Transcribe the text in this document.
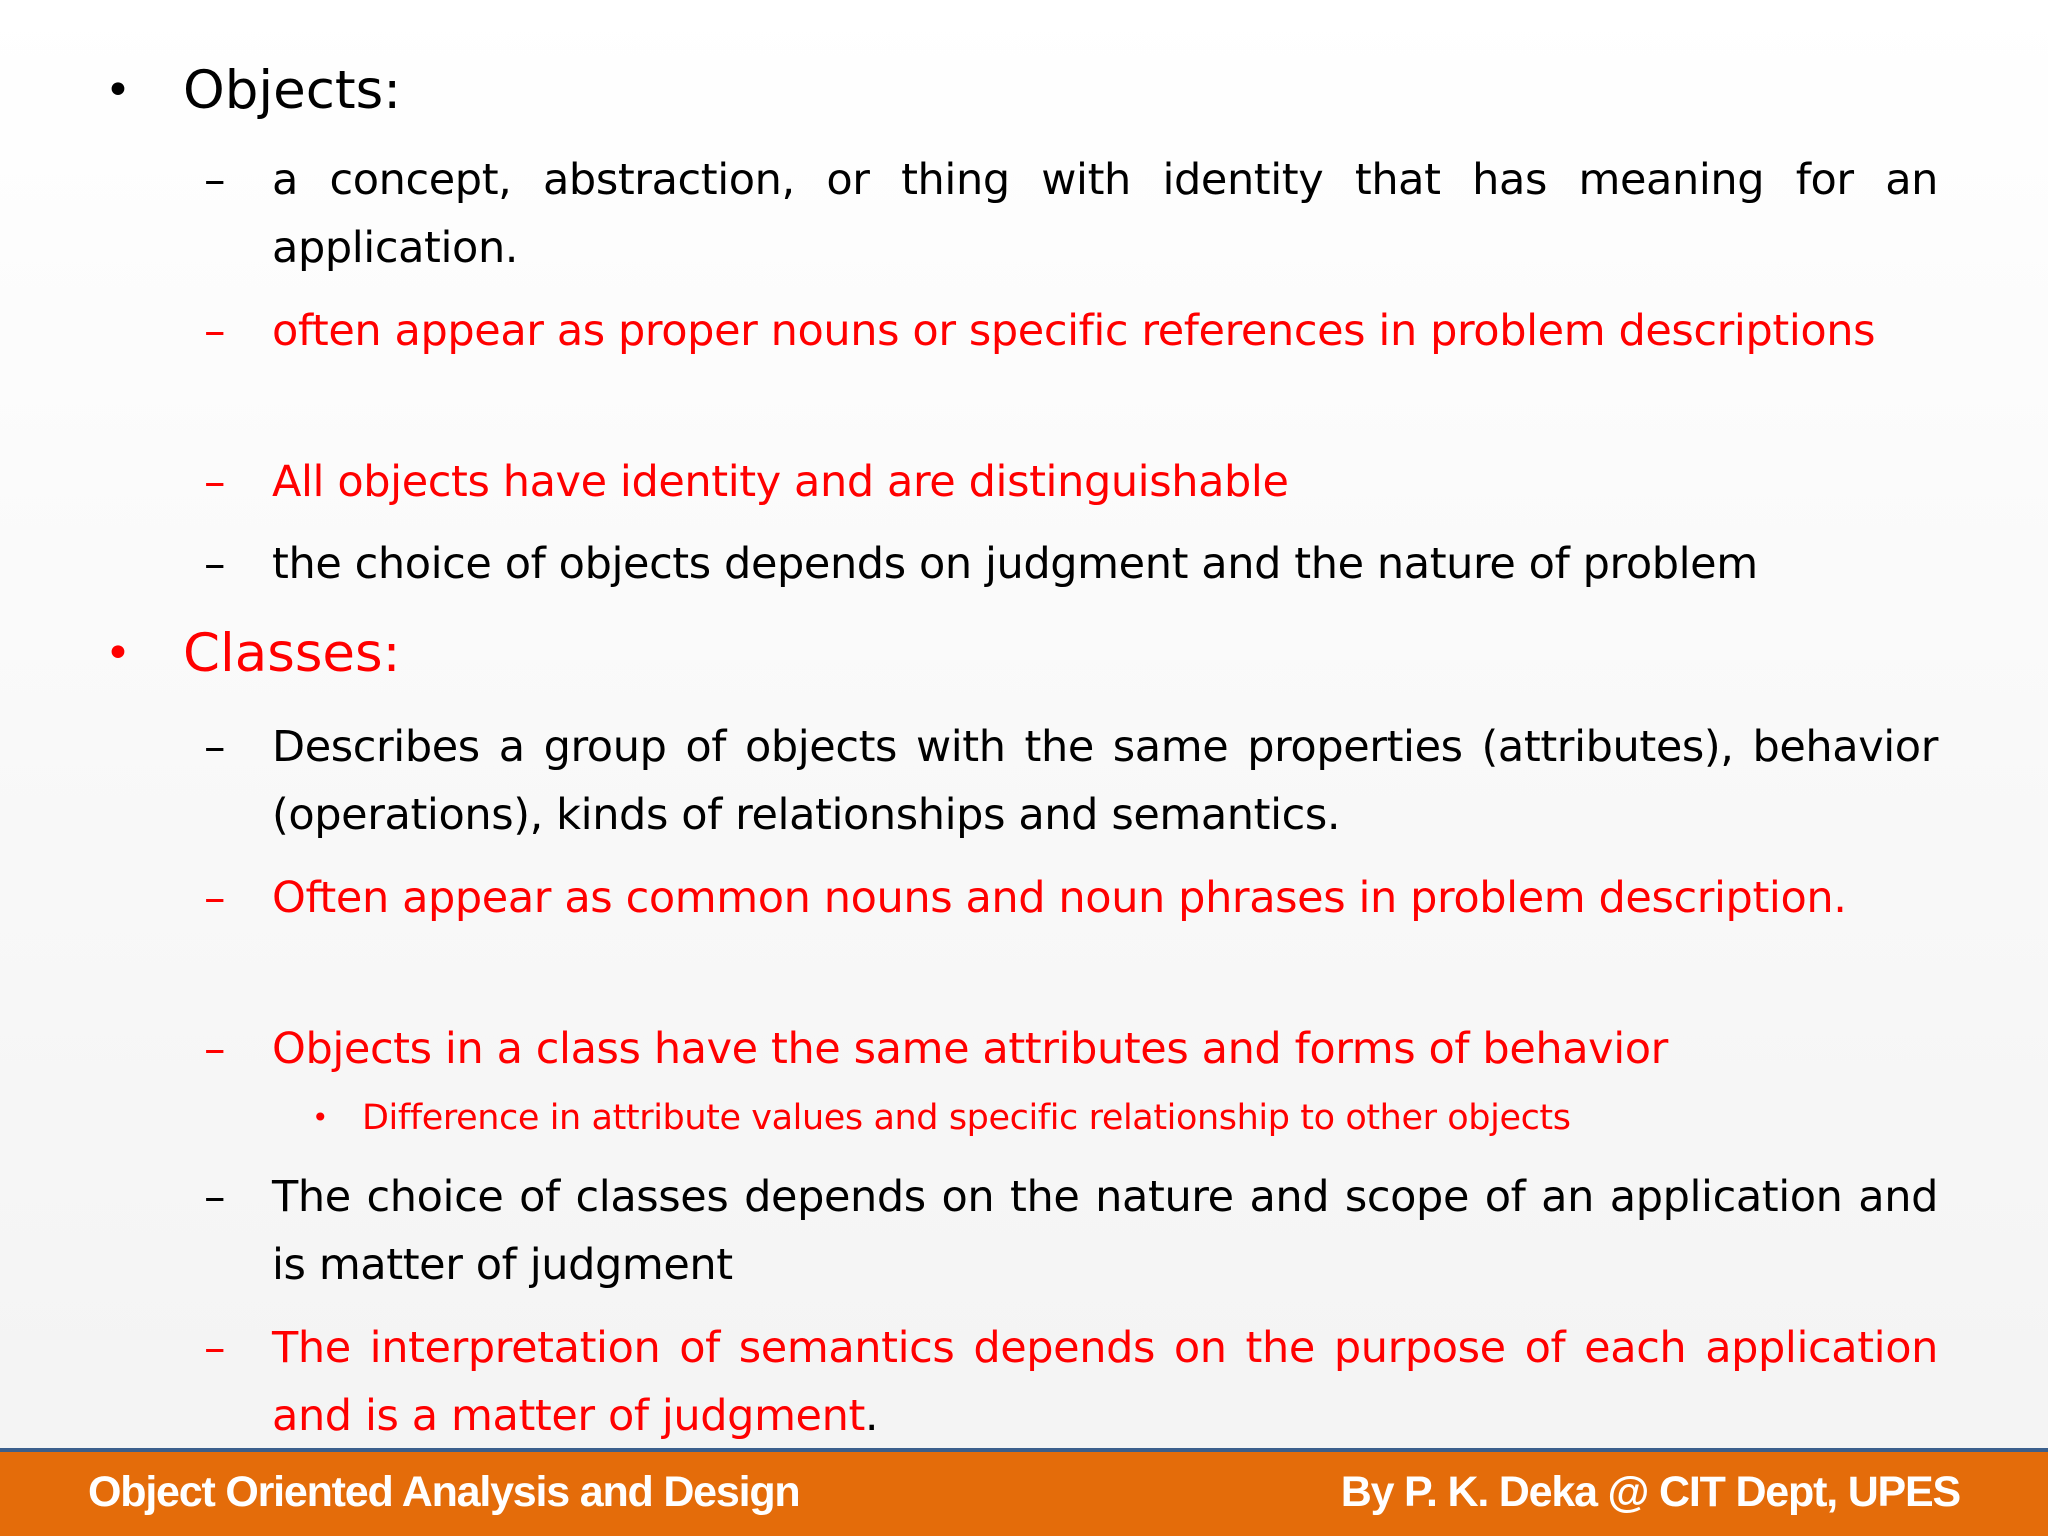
• Objects:
– a concept, abstraction, or thing with identity that has meaning for an application.
– often appear as proper nouns or specific references in problem descriptions
– All objects have identity and are distinguishable
– the choice of objects depends on judgment and the nature of problem
• Classes:
– Describes a group of objects with the same properties (attributes), behavior (operations), kinds of relationships and semantics.
– Often appear as common nouns and noun phrases in problem description.
– Objects in a class have the same attributes and forms of behavior
• Difference in attribute values and specific relationship to other objects
– The choice of classes depends on the nature and scope of an application and is matter of judgment
– The interpretation of semantics depends on the purpose of each application and is a matter of judgment.
Object Oriented Analysis and Design	By P. K. Deka @ CIT Dept, UPES
